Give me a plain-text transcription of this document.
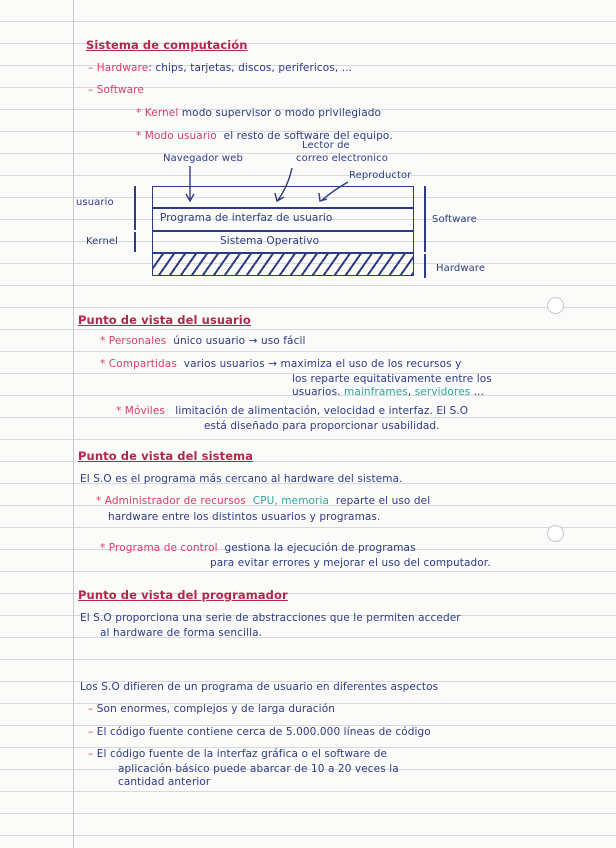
Sistema de computación
– Hardware: chips, tarjetas, discos, perifericos, ...
– Software
* Kernel modo supervisor o modo privilegiado
* Modo usuario el resto de software del equipo.
Navegador web
Lector de
correo electronico
Reproductor
Programa de interfaz de usuario
Sistema Operativo
usuario
Kernel
Software
Hardware
Punto de vista del usuario
* Personales único usuario → uso fácil
* Compartidas varios usuarios → maximiza el uso de los recursos y
los reparte equitativamente entre los
usuarios. mainframes, servidores ...
* Móviles limitación de alimentación, velocidad e interfaz. El S.O
está diseñado para proporcionar usabilidad.
Punto de vista del sistema
El S.O es el programa más cercano al hardware del sistema.
* Administrador de recursos CPU, memoria reparte el uso del
hardware entre los distintos usuarios y programas.
* Programa de control gestiona la ejecución de programas
para evitar errores y mejorar el uso del computador.
Punto de vista del programador
El S.O proporciona una serie de abstracciones que le permiten acceder
al hardware de forma sencilla.
Los S.O difieren de un programa de usuario en diferentes aspectos
– Son enormes, complejos y de larga duración
– El código fuente contiene cerca de 5.000.000 líneas de código
– El código fuente de la interfaz gráfica o el software de
aplicación básico puede abarcar de 10 a 20 veces la
cantidad anterior
